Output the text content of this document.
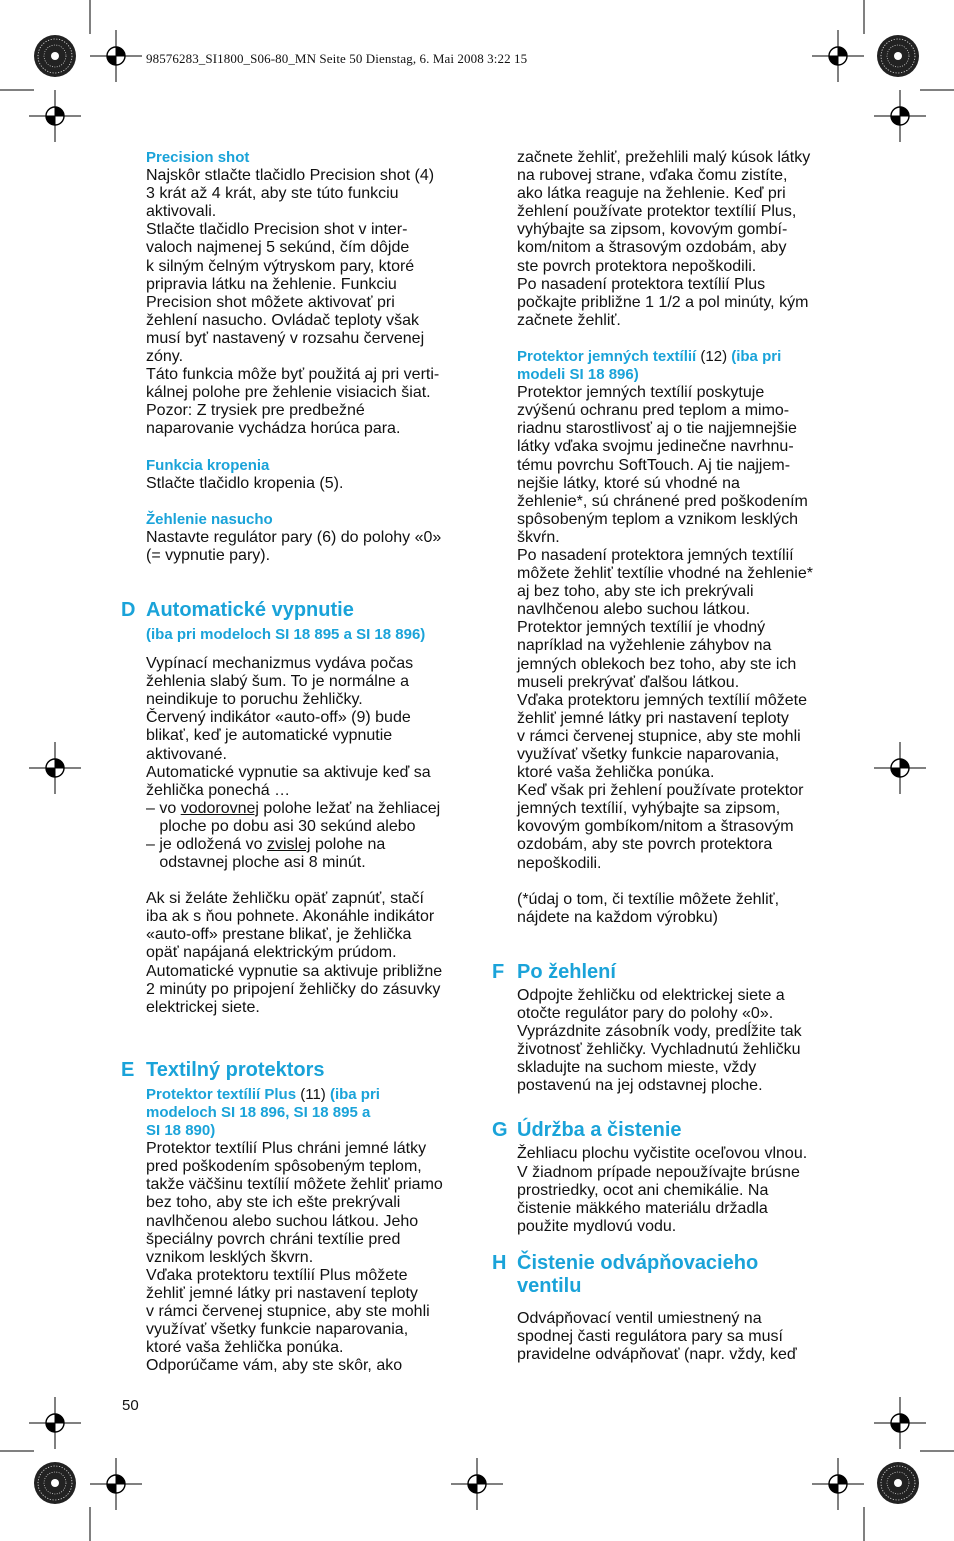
98576283_SI1800_S06-80_MN Seite 50 Dienstag, 6. Mai 2008 3:22 15

Precision shot

Najskôr stlačte tlačidlo Precision shot (4)

3 krát až 4 krát, aby ste túto funkciu

aktivovali.

Stlačte tlačidlo Precision shot v inter-

valoch najmenej 5 sekúnd, čím dôjde

k silným čelným výtryskom pary, ktoré

pripravia látku na žehlenie. Funkciu

Precision shot môžete aktivovať pri

žehlení nasucho. Ovládač teploty však

musí byť nastavený v rozsahu červenej

zóny.

Táto funkcia môže byť použitá aj pri verti-

kálnej polohe pre žehlenie visiacich šiat.

Pozor: Z trysiek pre predbežné

naparovanie vychádza horúca para.

Funkcia kropenia

Stlačte tlačidlo kropenia (5).

Žehlenie nasucho

Nastavte regulátor pary (6) do polohy «0»

(= vypnutie pary).

D Automatické vypnutie

(iba pri modeloch SI 18 895 a SI 18 896)

Vypínací mechanizmus vydáva počas

žehlenia slabý šum. To je normálne a

neindikuje to poruchu žehličky.

Červený indikátor «auto-off» (9) bude

blikať, keď je automatické vypnutie

aktivované.

Automatické vypnutie sa aktivuje keď sa

žehlička ponechá …

– vo vodorovnej polohe ležať na žehliacej

ploche po dobu asi 30 sekúnd alebo

– je odložená vo zvislej polohe na

odstavnej ploche asi 8 minút.

Ak si želáte žehličku opäť zapnúť, stačí

iba ak s ňou pohnete. Akonáhle indikátor

«auto-off» prestane blikať, je žehlička

opäť napájaná elektrickým prúdom.

Automatické vypnutie sa aktivuje približne

2 minúty po pripojení žehličky do zásuvky

elektrickej siete.

E Textilný protektors

Protektor textílií Plus (11) (iba pri

modeloch SI 18 896, SI 18 895 a

SI 18 890)

Protektor textílií Plus chráni jemné látky

pred poškodením spôsobeným teplom,

takže väčšinu textílií môžete žehliť priamo

bez toho, aby ste ich ešte prekrývali

navlhčenou alebo suchou látkou. Jeho

špeciálny povrch chráni textílie pred

vznikom lesklých škvrn.

Vďaka protektoru textílií Plus môžete

žehliť jemné látky pri nastavení teploty

v rámci červenej stupnice, aby ste mohli

využívať všetky funkcie naparovania,

ktoré vaša žehlička ponúka.

Odporúčame vám, aby ste skôr, ako

začnete žehliť, prežehlili malý kúsok látky

na rubovej strane, vďaka čomu zistíte,

ako látka reaguje na žehlenie. Keď pri

žehlení používate protektor textílií Plus,

vyhýbajte sa zipsom, kovovým gombí-

kom/nitom a štrasovým ozdobám, aby

ste povrch protektora nepoškodili.

Po nasadení protektora textílií Plus

počkajte približne 1 1/2 a pol minúty, kým

začnete žehliť.

Protektor jemných textílií (12) (iba pri

modeli SI 18 896)

Protektor jemných textílií poskytuje

zvýšenú ochranu pred teplom a mimo-

riadnu starostlivosť aj o tie najjemnejšie

látky vďaka svojmu jedinečne navrhnu-

tému povrchu SoftTouch. Aj tie najjem-

nejšie látky, ktoré sú vhodné na

žehlenie*, sú chránené pred poškodením

spôsobeným teplom a vznikom lesklých

škvŕn.

Po nasadení protektora jemných textílií

môžete žehliť textílie vhodné na žehlenie*

aj bez toho, aby ste ich prekrývali

navlhčenou alebo suchou látkou.

Protektor jemných textílií je vhodný

napríklad na vyžehlenie záhybov na

jemných oblekoch bez toho, aby ste ich

museli prekrývať ďalšou látkou.

Vďaka protektoru jemných textílií môžete

žehliť jemné látky pri nastavení teploty

v rámci červenej stupnice, aby ste mohli

využívať všetky funkcie naparovania,

ktoré vaša žehlička ponúka.

Keď však pri žehlení používate protektor

jemných textílií, vyhýbajte sa zipsom,

kovovým gombíkom/nitom a štrasovým

ozdobám, aby ste povrch protektora

nepoškodili.

(*údaj o tom, či textílie môžete žehliť,

nájdete na každom výrobku)

F Po žehlení

Odpojte žehličku od elektrickej siete a

otočte regulátor pary do polohy «0».

Vyprázdnite zásobník vody, predĺžite tak

životnosť žehličky. Vychladnutú žehličku

skladujte na suchom mieste, vždy

postavenú na jej odstavnej ploche.

G Údržba a čistenie

Žehliacu plochu vyčistite oceľovou vlnou.

V žiadnom prípade nepoužívajte brúsne

prostriedky, ocot ani chemikálie. Na

čistenie mäkkého materiálu držadla

použite mydlovú vodu.

H Čistenie odvápňovacieho

ventilu

Odvápňovací ventil umiestnený na

spodnej časti regulátora pary sa musí

pravidelne odvápňovať (napr. vždy, keď

50
